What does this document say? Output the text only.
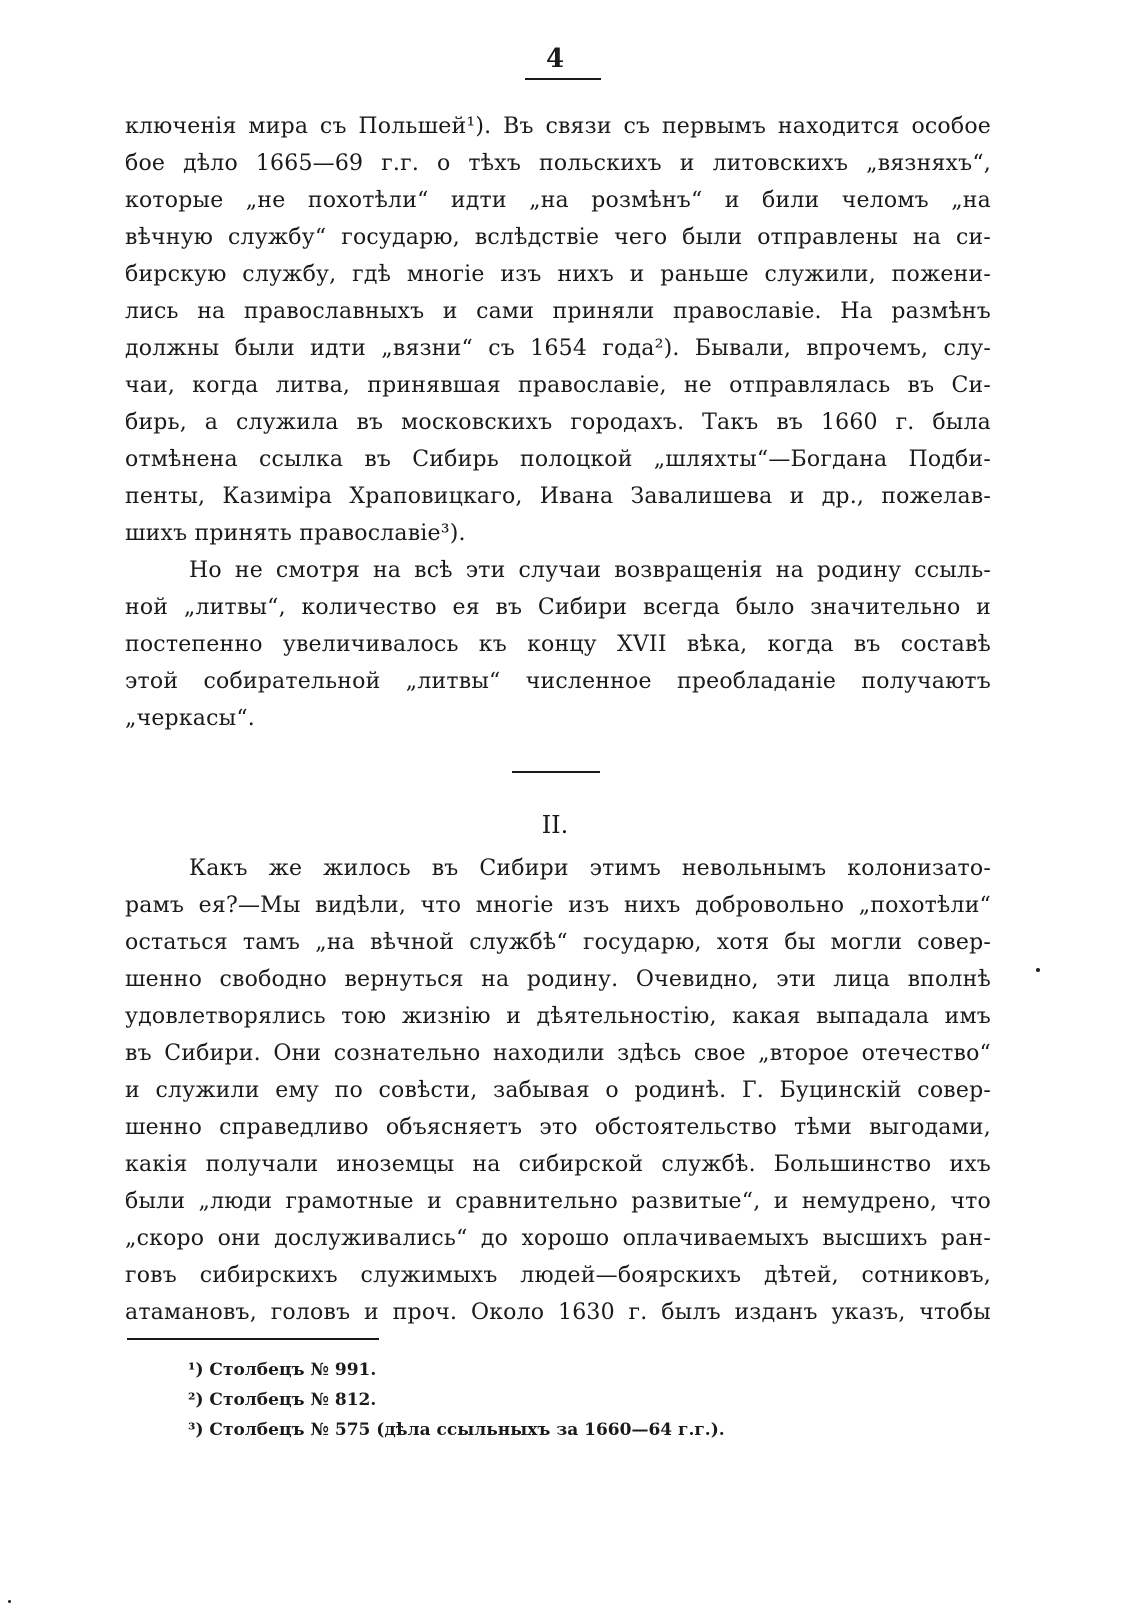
4
ключенія мира съ Польшей¹). Въ связи съ первымъ находится особое
бое дѣло 1665—69 г.г. о тѣхъ польскихъ и литовскихъ „вязняхъ“,
которые „не похотѣли“ идти „на розмѣнъ“ и били челомъ „на
вѣчную службу“ государю, вслѣдствіе чего были отправлены на си-
бирскую службу, гдѣ многіе изъ нихъ и раньше служили, пожени-
лись на православныхъ и сами приняли православіе. На размѣнъ
должны были идти „вязни“ съ 1654 года²). Бывали, впрочемъ, слу-
чаи, когда литва, принявшая православіе, не отправлялась въ Си-
бирь, а служила въ московскихъ городахъ. Такъ въ 1660 г. была
отмѣнена ссылка въ Сибирь полоцкой „шляхты“—Богдана Подби-
пенты, Казиміра Храповицкаго, Ивана Завалишева и др., пожелав-
шихъ принять православіе³).
Но не смотря на всѣ эти случаи возвращенія на родину ссыль-
ной „литвы“, количество ея въ Сибири всегда было значительно и
постепенно увеличивалось къ концу XVII вѣка, когда въ составѣ
этой собирательной „литвы“ численное преобладаніе получаютъ
„черкасы“.
II.
Какъ же жилось въ Сибири этимъ невольнымъ колонизато-
рамъ ея?—Мы видѣли, что многіе изъ нихъ добровольно „похотѣли“
остаться тамъ „на вѣчной службѣ“ государю, хотя бы могли совер-
шенно свободно вернуться на родину. Очевидно, эти лица вполнѣ
удовлетворялись тою жизнію и дѣятельностію, какая выпадала имъ
въ Сибири. Они сознательно находили здѣсь свое „второе отечество“
и служили ему по совѣсти, забывая о родинѣ. Г. Буцинскій совер-
шенно справедливо объясняетъ это обстоятельство тѣми выгодами,
какія получали иноземцы на сибирской службѣ. Большинство ихъ
были „люди грамотные и сравнительно развитые“, и немудрено, что
„скоро они дослуживались“ до хорошо оплачиваемыхъ высшихъ ран-
говъ сибирскихъ служимыхъ людей—боярскихъ дѣтей, сотниковъ,
атамановъ, головъ и проч. Около 1630 г. былъ изданъ указъ, чтобы
¹) Столбецъ № 991.
²) Столбецъ № 812.
³) Столбецъ № 575 (дѣла ссыльныхъ за 1660—64 г.г.).
